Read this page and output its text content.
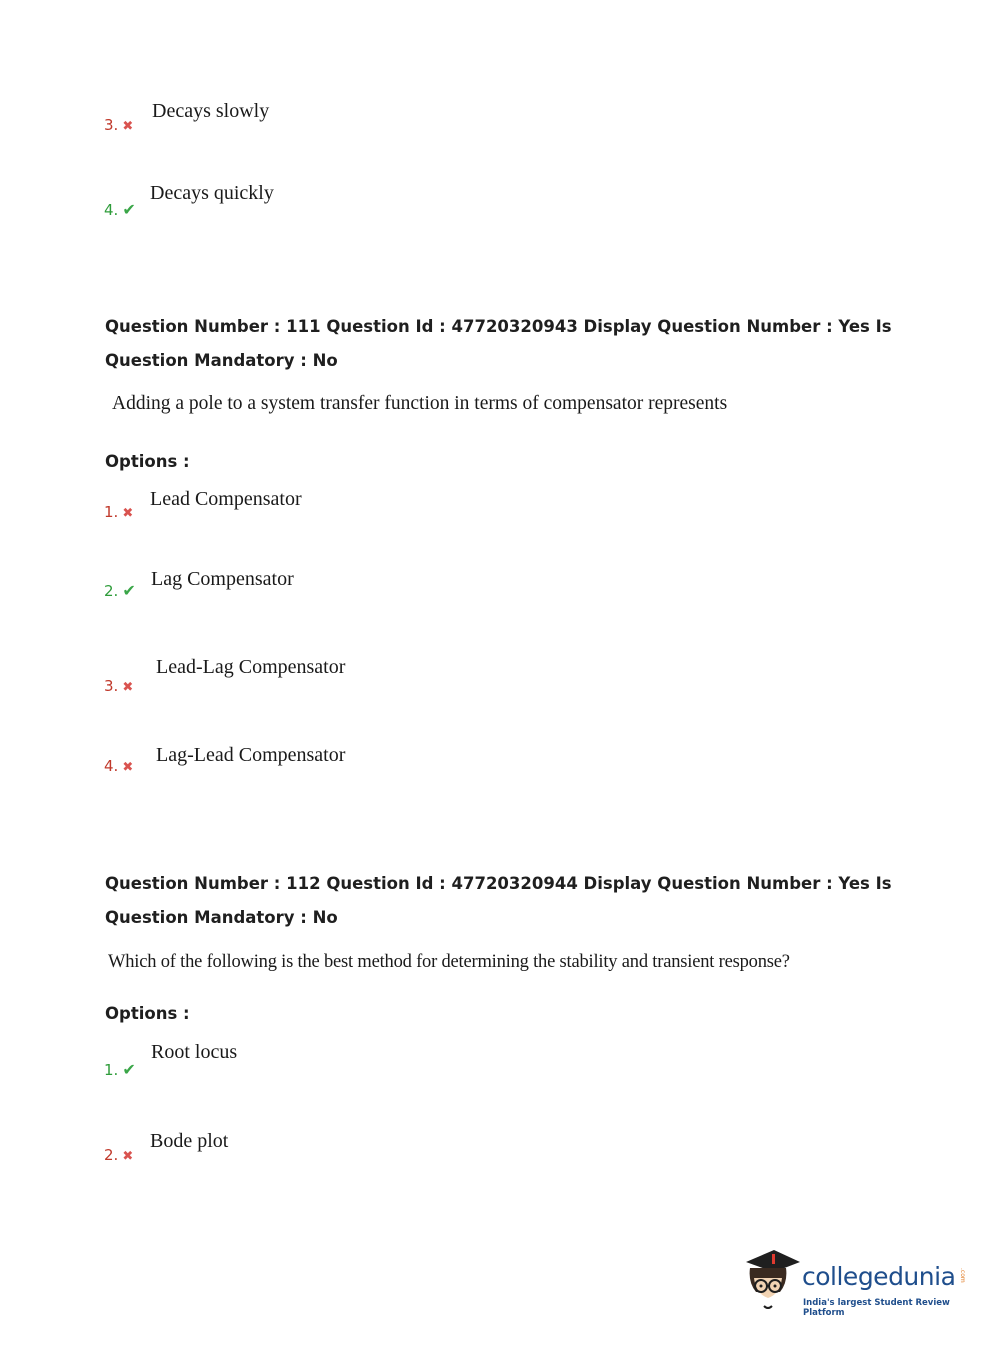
3. ✖
Decays slowly
4. ✔
Decays quickly
Question Number : 111 Question Id : 47720320943 Display Question Number : Yes Is Question Mandatory : No
Adding a pole to a system transfer function in terms of compensator represents
Options :
1. ✖
Lead Compensator
2. ✔
Lag Compensator
3. ✖
Lead-Lag Compensator
4. ✖
Lag-Lead Compensator
Question Number : 112 Question Id : 47720320944 Display Question Number : Yes Is Question Mandatory : No
Which of the following is the best method for determining the stability and transient response?
Options :
1. ✔
Root locus
2. ✖
Bode plot
collegedunia .com
India's largest Student Review Platform
